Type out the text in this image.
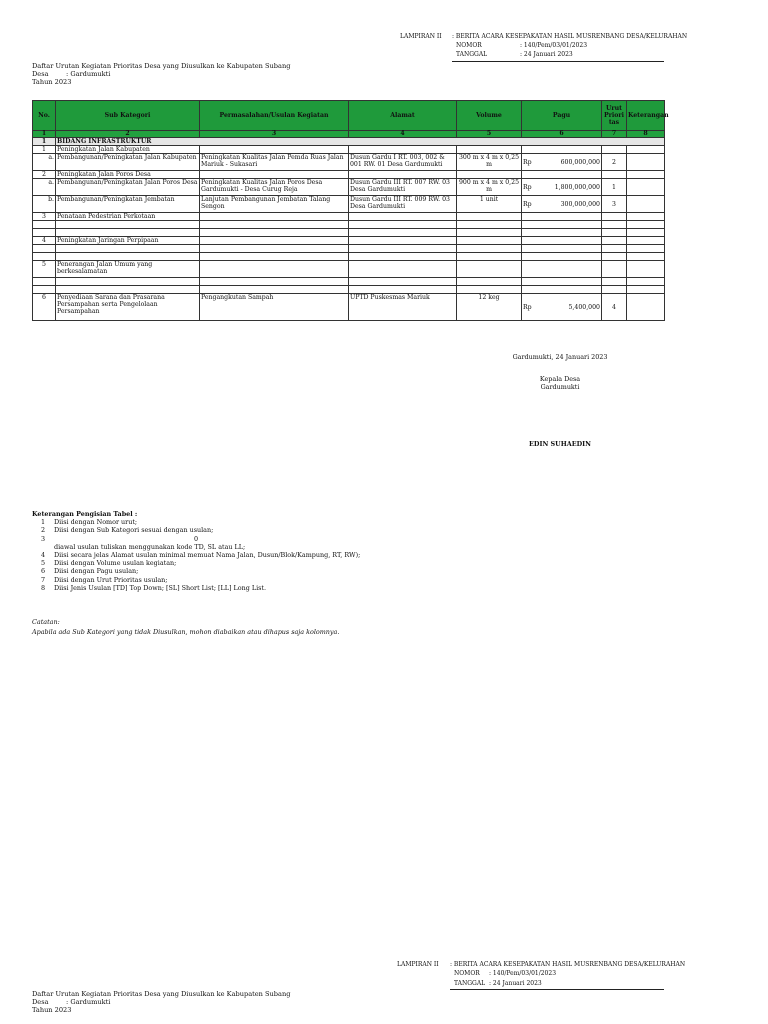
LAMPIRAN II : BERITA ACARA KESEPAKATAN HASIL MUSRENBANG DESA/KELURAHAN
NOMOR	: 140/Pem/03/01/2023
TANGGAL	: 24 Januari 2023
Daftar Urutan Kegiatan Prioritas Desa yang Diusulkan ke Kabupaten Subang
Desa	: Gardumukti
Tahun 2023
No.	Sub Kategori	Permasalahan/Usulan Kegiatan	Alamat	Volume	Pagu	Urut Priori tas	Keterangan
1	2	3	4	5	6	7	8
1	BIDANG INFRASTRUKTUR						
1	Peningkatan Jalan Kabupaten				

a.	Pembangunan/Peningkatan Jalan Kabupaten	Peningkatan Kualitas Jalan Pemda Ruas Jalan Mariuk - Sukasari	Dusun Gardu I RT. 003, 002 & 001 RW. 01 Desa Gardumukti	300 m x 4 m x 0,25 m	Rp 600,000,000	2	
2	Peningkatan Jalan Poros Desa				

a.	Pembangunan/Peningkatan Jalan Poros Desa	Peningkatan Kualitas Jalan Poros Desa Gardumukti - Desa Curug Reja	Dusun Gardu III RT. 007 RW. 03 Desa Gardumukti	900 m x 4 m x 0,25 m	Rp 1,800,000,000	1	
b.	Pembangunan/Peningkatan Jembatan	Lanjutan Pembangunan Jembatan Talang Sengon	Dusun Gardu III RT. 009 RW. 03 Desa Gardumukti	1 unit	Rp 300,000,000	3	
3	Penataan Pedestrian Perkotaan				

4	Peningkatan Jaringan Perpipaan				

5	Penerangan Jalan Umum yang berkesalamatan				

6	Penyediaan Sarana dan Prasarana Persampahan serta Pengelolaan Persampahan	Pengangkutan Sampah	UPTD Puskesmas Mariuk	12 keg	Rp 5,400,000	4	
Gardumukti, 24 Januari 2023
Kepala Desa
Gardumukti
EDIN SUHAEDIN
Keterangan Pengisian Tabel :
1	Diisi dengan Nomor urut;
2	Diisi dengan Sub Kategori sesuai dengan usulan;
3	0
diawal usulan tuliskan menggunakan kode TD, SL atau LL;
4	Diisi secara jelas Alamat usulan minimal memuat Nama Jalan, Dusun/Blok/Kampung, RT, RW);
5	Diisi dengan Volume usulan kegiatan;
6	Diisi dengan Pagu usulan;
7	Diisi dengan Urut Prioritas usulan;
8	Diisi Jenis Usulan [TD] Top Down; [SL] Short List; [LL] Long List.
Catatan:
Apabila ada Sub Kategori yang tidak Diusulkan, mohon diabaikan atau dihapus saja kolomnya.
LAMPIRAN II : BERITA ACARA KESEPAKATAN HASIL MUSRENBANG DESA/KELURAHAN
NOMOR : 140/Pem/03/01/2023
TANGGAL : 24 Januari 2023
Daftar Urutan Kegiatan Prioritas Desa yang Diusulkan ke Kabupaten Subang
Desa	: Gardumukti
Tahun 2023
